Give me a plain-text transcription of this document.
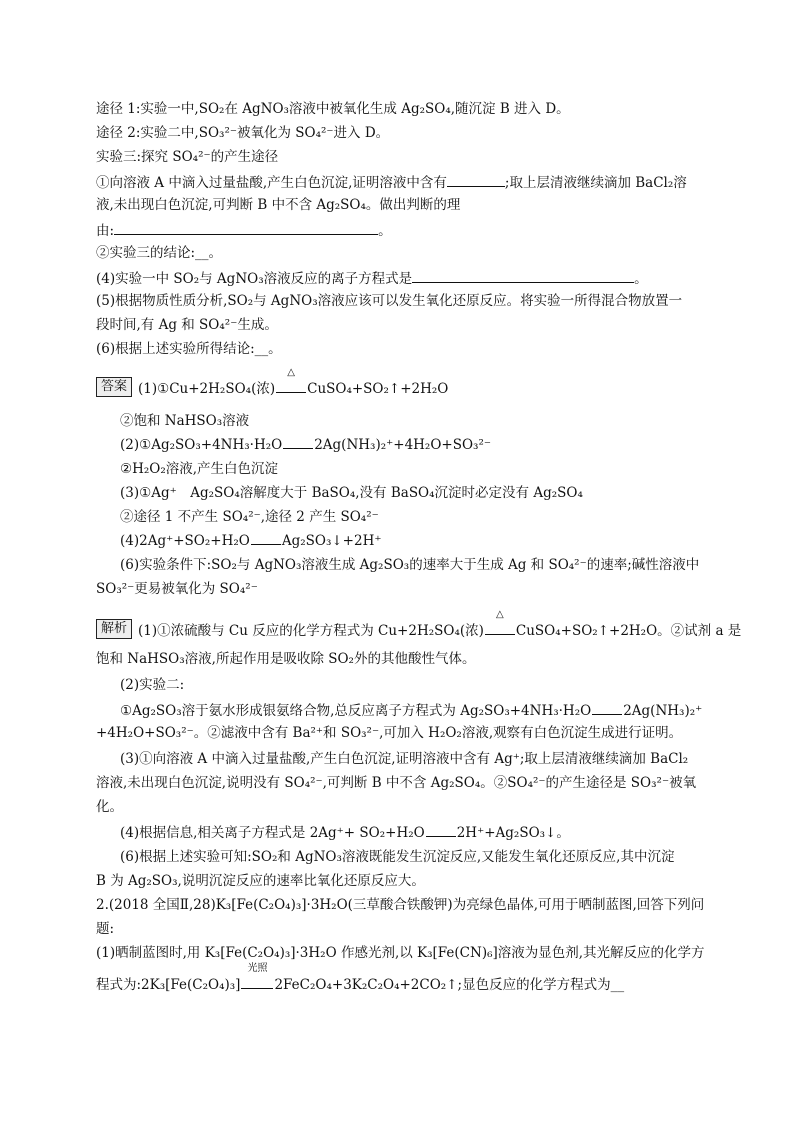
途径 1:实验一中,SO₂在 AgNO₃溶液中被氧化生成 Ag₂SO₄,随沉淀 B 进入 D。
途径 2:实验二中,SO₃²⁻被氧化为 SO₄²⁻进入 D。
实验三:探究 SO₄²⁻的产生途径
①向溶液 A 中滴入过量盐酸,产生白色沉淀,证明溶液中含有	;取上层清液继续滴加 BaCl₂溶
液,未出现白色沉淀,可判断 B 中不含 Ag₂SO₄。做出判断的理
由:	。
②实验三的结论:__。
(4)实验一中 SO₂与 AgNO₃溶液反应的离子方程式是	。
(5)根据物质性质分析,SO₂与 AgNO₃溶液应该可以发生氧化还原反应。将实验一所得混合物放置一
段时间,有 Ag 和 SO₄²⁻生成。
(6)根据上述实验所得结论:__。
答案 (1)①Cu+2H₂SO₄(浓)
△
CuSO₄+SO₂↑+2H₂O
②饱和 NaHSO₃溶液
(2)①Ag₂SO₃+4NH₃·H₂O 2Ag(NH₃)₂⁺+4H₂O+SO₃²⁻
②H₂O₂溶液,产生白色沉淀
(3)①Ag⁺　Ag₂SO₄溶解度大于 BaSO₄,没有 BaSO₄沉淀时必定没有 Ag₂SO₄
②途径 1 不产生 SO₄²⁻,途径 2 产生 SO₄²⁻
(4)2Ag⁺+SO₂+H₂O Ag₂SO₃↓+2H⁺
(6)实验条件下:SO₂与 AgNO₃溶液生成 Ag₂SO₃的速率大于生成 Ag 和 SO₄²⁻的速率;碱性溶液中
SO₃²⁻更易被氧化为 SO₄²⁻
解析 (1)①浓硫酸与 Cu 反应的化学方程式为 Cu+2H₂SO₄(浓)
△
CuSO₄+SO₂↑+2H₂O。②试剂 a 是
饱和 NaHSO₃溶液,所起作用是吸收除 SO₂外的其他酸性气体。
(2)实验二:
①Ag₂SO₃溶于氨水形成银氨络合物,总反应离子方程式为 Ag₂SO₃+4NH₃·H₂O 2Ag(NH₃)₂⁺
+4H₂O+SO₃²⁻。②滤液中含有 Ba²⁺和 SO₃²⁻,可加入 H₂O₂溶液,观察有白色沉淀生成进行证明。
(3)①向溶液 A 中滴入过量盐酸,产生白色沉淀,证明溶液中含有 Ag⁺;取上层清液继续滴加 BaCl₂
溶液,未出现白色沉淀,说明没有 SO₄²⁻,可判断 B 中不含 Ag₂SO₄。②SO₄²⁻的产生途径是 SO₃²⁻被氧
化。
(4)根据信息,相关离子方程式是 2Ag⁺+ SO₂+H₂O 2H⁺+Ag₂SO₃↓。
(6)根据上述实验可知:SO₂和 AgNO₃溶液既能发生沉淀反应,又能发生氧化还原反应,其中沉淀
B 为 Ag₂SO₃,说明沉淀反应的速率比氧化还原反应大。
2.(2018 全国Ⅱ,28)K₃[Fe(C₂O₄)₃]·3H₂O(三草酸合铁酸钾)为亮绿色晶体,可用于晒制蓝图,回答下列问
题:
(1)晒制蓝图时,用 K₃[Fe(C₂O₄)₃]·3H₂O 作感光剂,以 K₃[Fe(CN)₆]溶液为显色剂,其光解反应的化学方
程式为:2K₃[Fe(C₂O₄)₃]
光照
2FeC₂O₄+3K₂C₂O₄+2CO₂↑;显色反应的化学方程式为__
